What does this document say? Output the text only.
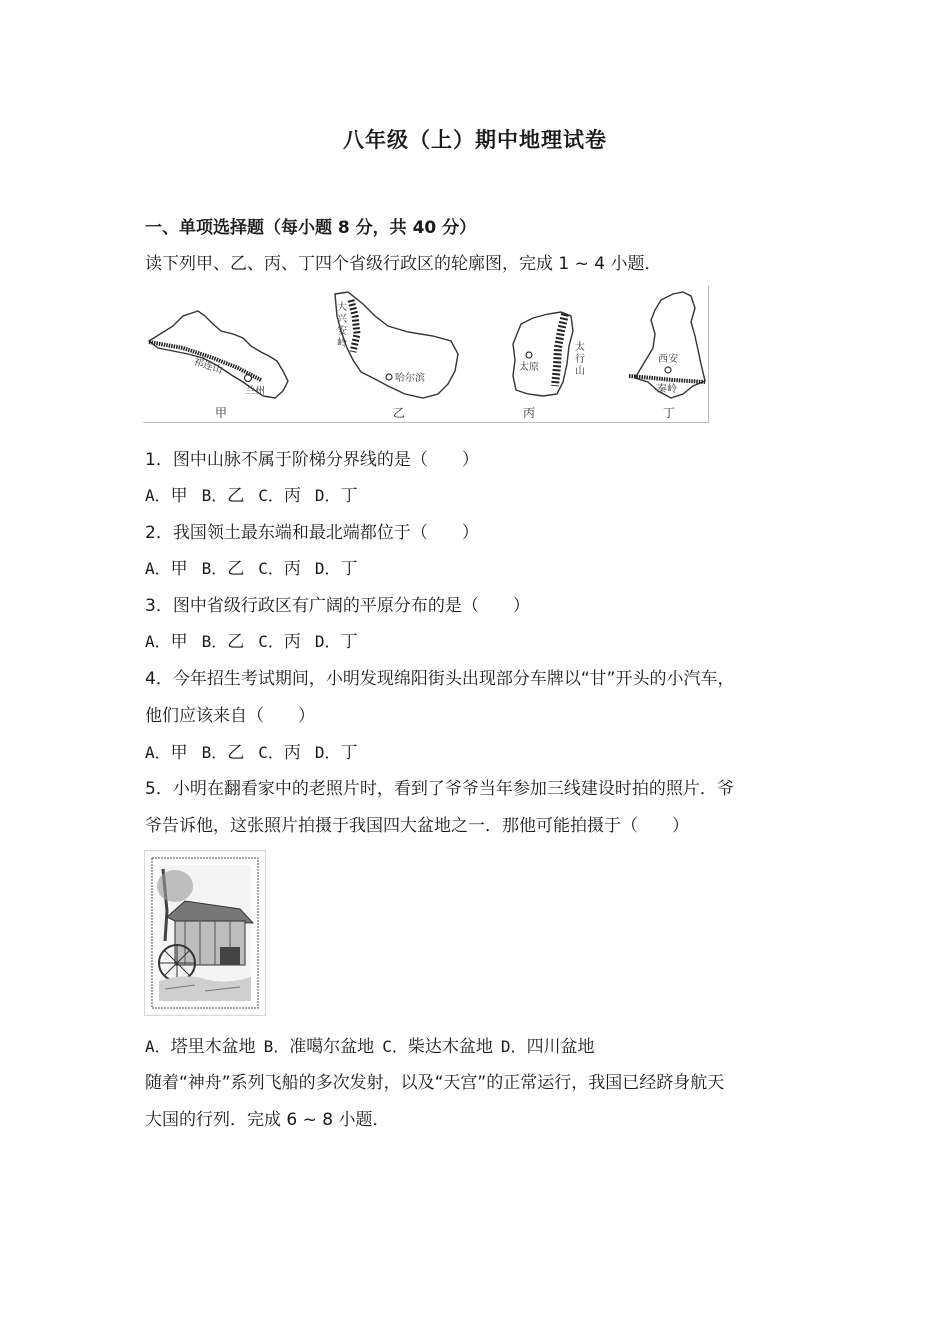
八年级（上）期中地理试卷
一、单项选择题（每小题 8 分，共 40 分）
读下列甲、乙、丙、丁四个省级行政区的轮廓图，完成 1 ~ 4 小题．
祁连山
兰州
甲
大
兴
安
岭
哈尔滨
乙
太原
太
行
山
丙
西安
秦岭
丁
1．图中山脉不属于阶梯分界线的是（　　）
A．甲 B．乙 C．丙 D．丁
2．我国领土最东端和最北端都位于（　　）
A．甲 B．乙 C．丙 D．丁
3．图中省级行政区有广阔的平原分布的是（　　）
A．甲 B．乙 C．丙 D．丁
4．今年招生考试期间，小明发现绵阳街头出现部分车牌以“甘”开头的小汽车，
他们应该来自（　　）
A．甲 B．乙 C．丙 D．丁
5．小明在翻看家中的老照片时，看到了爷爷当年参加三线建设时拍的照片．爷
爷告诉他，这张照片拍摄于我国四大盆地之一．那他可能拍摄于（　　）
A．塔里木盆地 B．准噶尔盆地 C．柴达木盆地 D．四川盆地
随着“神舟”系列飞船的多次发射，以及“天宫”的正常运行，我国已经跻身航天
大国的行列．完成 6 ~ 8 小题．
